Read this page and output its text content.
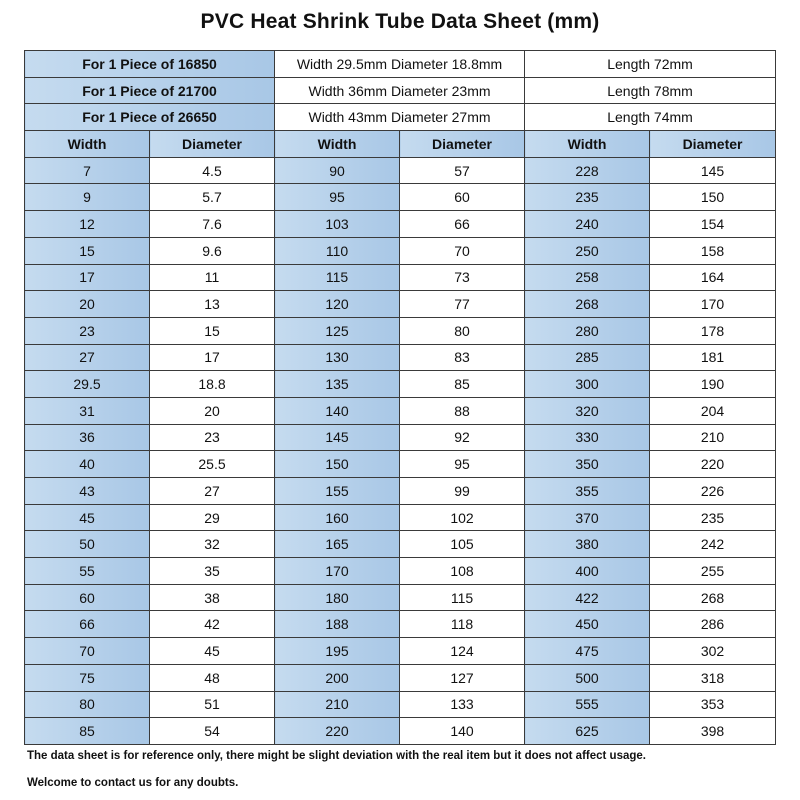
PVC Heat Shrink Tube Data Sheet (mm)
For 1 Piece of 16850		Width 29.5mm Diameter 18.8mm		Length 72mm	
For 1 Piece of 21700		Width 36mm Diameter 23mm		Length 78mm	
For 1 Piece of 26650		Width 43mm Diameter 27mm		Length 74mm	
Width	Diameter	Width	Diameter	Width	Diameter
7	4.5	90	57	228	145
9	5.7	95	60	235	150
12	7.6	103	66	240	154
15	9.6	110	70	250	158
17	11	115	73	258	164
20	13	120	77	268	170
23	15	125	80	280	178
27	17	130	83	285	181
29.5	18.8	135	85	300	190
31	20	140	88	320	204
36	23	145	92	330	210
40	25.5	150	95	350	220
43	27	155	99	355	226
45	29	160	102	370	235
50	32	165	105	380	242
55	35	170	108	400	255
60	38	180	115	422	268
66	42	188	118	450	286
70	45	195	124	475	302
75	48	200	127	500	318
80	51	210	133	555	353
85	54	220	140	625	398
The data sheet is for reference only, there might be slight deviation with the real item but it does not affect usage.
Welcome to contact us for any doubts.
